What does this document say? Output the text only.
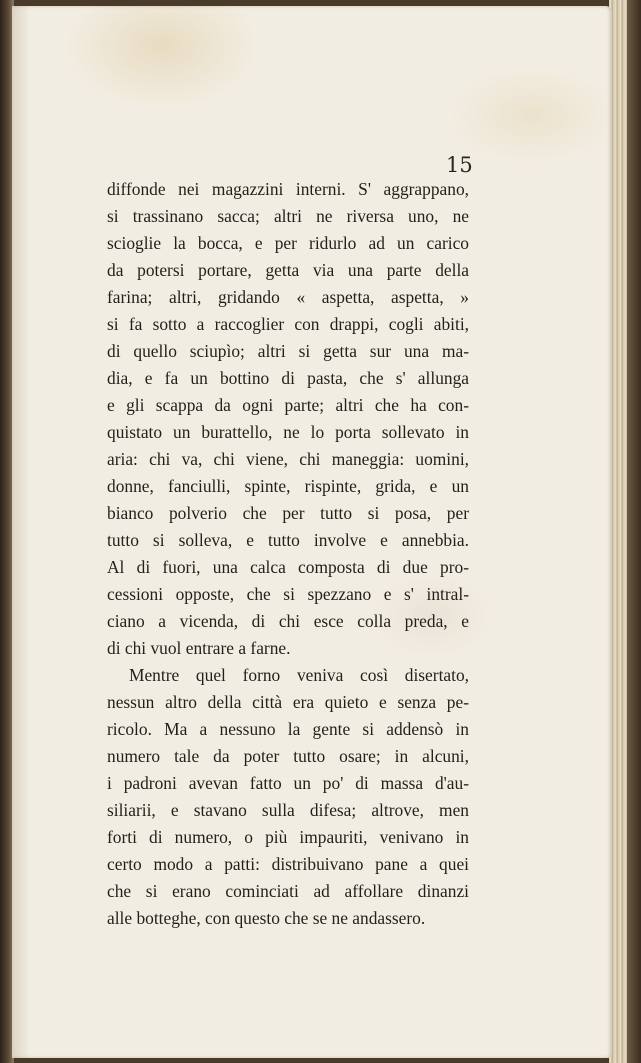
15

diffonde nei magazzini interni. S' aggrappano,
si trassinano sacca; altri ne riversa uno, ne
scioglie la bocca, e per ridurlo ad un carico
da potersi portare, getta via una parte della
farina; altri, gridando « aspetta, aspetta, »
si fa sotto a raccoglier con drappi, cogli abiti,
di quello sciupìo; altri si getta sur una ma-
dia, e fa un bottino di pasta, che s' allunga
e gli scappa da ogni parte; altri che ha con-
quistato un burattello, ne lo porta sollevato in
aria: chi va, chi viene, chi maneggia: uomini,
donne, fanciulli, spinte, rispinte, grida, e un
bianco polverio che per tutto si posa, per
tutto si solleva, e tutto involve e annebbia.
Al di fuori, una calca composta di due pro-
cessioni opposte, che si spezzano e s' intral-
ciano a vicenda, di chi esce colla preda, e
di chi vuol entrare a farne.
Mentre quel forno veniva così disertato,
nessun altro della città era quieto e senza pe-
ricolo. Ma a nessuno la gente si addensò in
numero tale da poter tutto osare; in alcuni,
i padroni avevan fatto un po' di massa d'au-
siliarii, e stavano sulla difesa; altrove, men
forti di numero, o più impauriti, venivano in
certo modo a patti: distribuivano pane a quei
che si erano cominciati ad affollare dinanzi
alle botteghe, con questo che se ne andassero.
